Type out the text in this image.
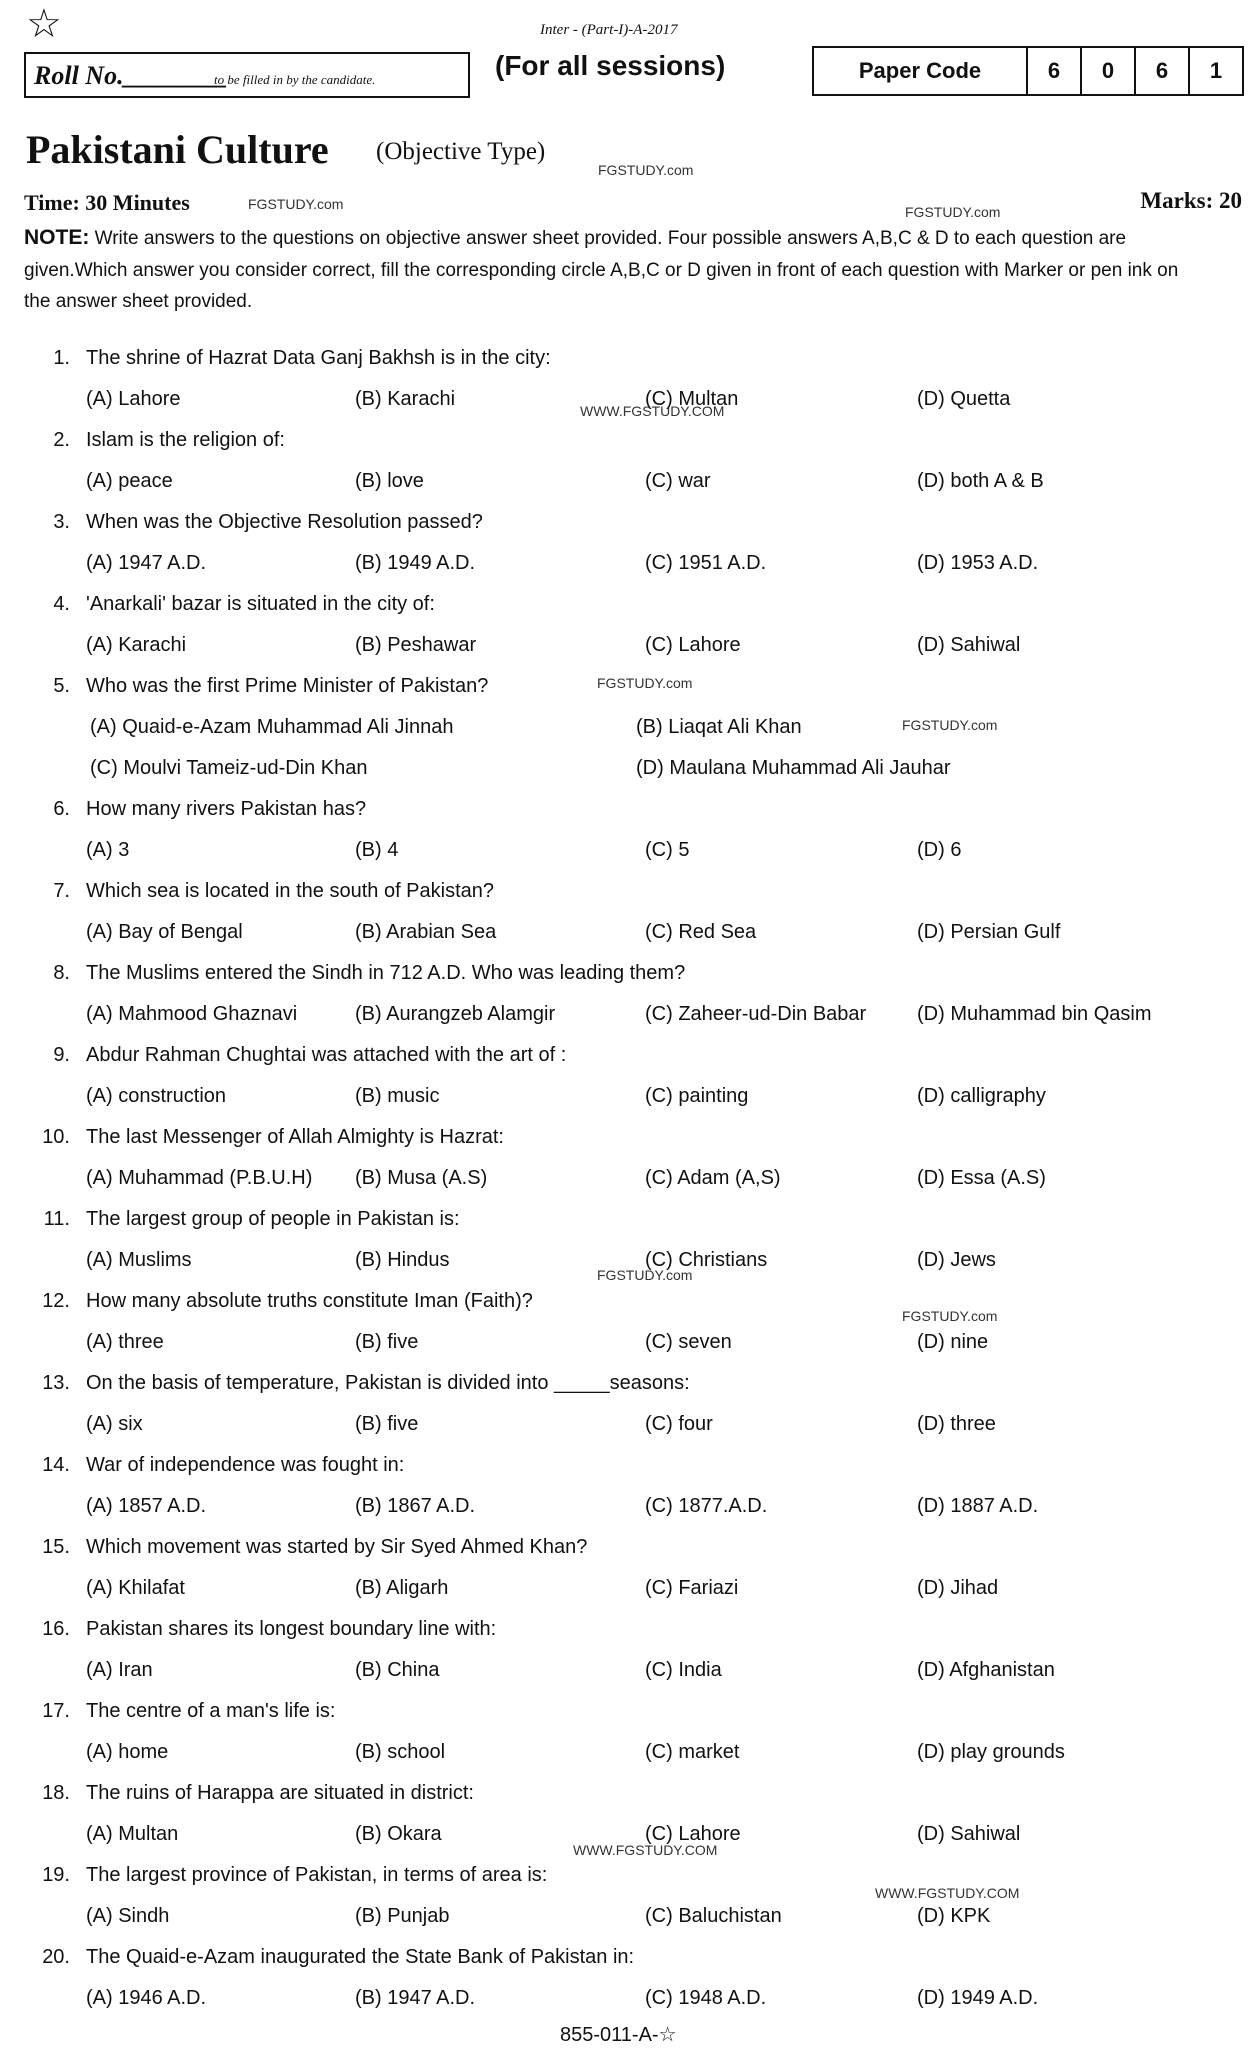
☆	Inter - (Part-I)-A-2017
Roll No.________
to be filled in by the candidate.	(For all sessions)	Paper Code	6	0	6	1
Pakistani Culture (Objective Type)
Time: 30 Minutes	Marks: 20
NOTE: Write answers to the questions on objective answer sheet provided. Four possible answers A,B,C & D to each question are given.Which answer you consider correct, fill the corresponding circle A,B,C or D given in front of each question with Marker or pen ink on the answer sheet provided.
FGSTUDY.com
FGSTUDY.com	FGSTUDY.com
WWW.FGSTUDY.COM
FGSTUDY.com
FGSTUDY.com
FGSTUDY.com
FGSTUDY.com
WWW.FGSTUDY.COM
WWW.FGSTUDY.COM
1. The shrine of Hazrat Data Ganj Bakhsh is in the city:
(A) Lahore	(B) Karachi	(C) Multan	(D) Quetta
2. Islam is the religion of:
(A) peace	(B) love	(C) war	(D) both A & B
3. When was the Objective Resolution passed?
(A) 1947 A.D.	(B) 1949 A.D.	(C) 1951 A.D.	(D) 1953 A.D.
4. 'Anarkali' bazar is situated in the city of:
(A) Karachi	(B) Peshawar	(C) Lahore	(D) Sahiwal
5. Who was the first Prime Minister of Pakistan?
(A) Quaid-e-Azam Muhammad Ali Jinnah	(B) Liaqat Ali Khan
(C) Moulvi Tameiz-ud-Din Khan	(D) Maulana Muhammad Ali Jauhar
6. How many rivers Pakistan has?
(A) 3	(B) 4	(C) 5	(D) 6
7. Which sea is located in the south of Pakistan?
(A) Bay of Bengal	(B) Arabian Sea	(C) Red Sea	(D) Persian Gulf
8. The Muslims entered the Sindh in 712 A.D. Who was leading them?
(A) Mahmood Ghaznavi	(B) Aurangzeb Alamgir	(C) Zaheer-ud-Din Babar	(D) Muhammad bin Qasim
9. Abdur Rahman Chughtai was attached with the art of :
(A) construction	(B) music	(C) painting	(D) calligraphy
10. The last Messenger of Allah Almighty is Hazrat:
(A) Muhammad (P.B.U.H) (B) Musa (A.S)	(C) Adam (A,S)	(D) Essa (A.S)
11. The largest group of people in Pakistan is:
(A) Muslims	(B) Hindus	(C) Christians	(D) Jews
12. How many absolute truths constitute Iman (Faith)?
(A) three	(B) five	(C) seven	(D) nine
13. On the basis of temperature, Pakistan is divided into _____seasons:
(A) six	(B) five	(C) four	(D) three
14. War of independence was fought in:
(A) 1857 A.D.	(B) 1867 A.D.	(C) 1877.A.D.	(D) 1887 A.D.
15. Which movement was started by Sir Syed Ahmed Khan?
(A) Khilafat	(B) Aligarh	(C) Fariazi	(D) Jihad
16. Pakistan shares its longest boundary line with:
(A) Iran	(B) China	(C) India	(D) Afghanistan
17. The centre of a man's life is:
(A) home	(B) school	(C) market	(D) play grounds
18. The ruins of Harappa are situated in district:
(A) Multan	(B) Okara	(C) Lahore	(D) Sahiwal
19. The largest province of Pakistan, in terms of area is:
(A) Sindh	(B) Punjab	(C) Baluchistan	(D) KPK
20. The Quaid-e-Azam inaugurated the State Bank of Pakistan in:
(A) 1946 A.D.	(B) 1947 A.D.	(C) 1948 A.D.	(D) 1949 A.D.
855-011-A-☆
